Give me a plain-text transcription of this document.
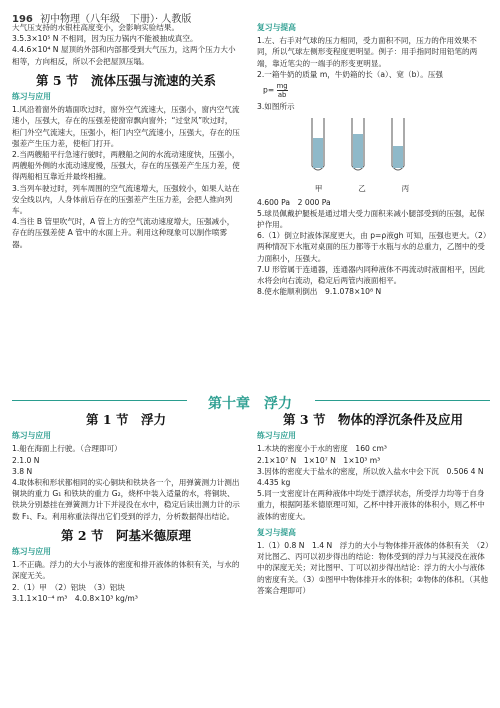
196 初中物理（八年级　下册）· 人教版

大气压支持的水银柱高度变小，会影响实验结果。

3.5.3×10⁵ N 不相同，因为压力锅内不能被抽成真空。

4.4.6×10⁴ N 屋顶的外部和内部都受到大气压力，这两个压力大小相等，方向相反，所以不会把屋顶压塌。

第 5 节　流体压强与流速的关系
练习与应用

1.风沿着窗外的墙面吹过时，窗外空气流速大，压强小，窗内空气流速小，压强大，存在的压强差使窗帘飘向窗外；“过堂风”吹过时，柜门外空气流速大，压强小，柜门内空气流速小，压强大，存在的压强差产生压力差，使柜门打开。

2.当两艘船平行急速行驶时，两艘船之间的水流动速度快，压强小，两艘船外侧的水流动速度慢，压强大，存在的压强差产生压力差，使得两船相互靠近并最终相撞。

3.当列车驶过时，列车周围的空气流速增大，压强较小，如果人站在安全线以内，人身体前后存在的压强差产生压力差，会把人推向列车。

4.当往 B 管里吹气时，A 管上方的空气流动速度增大，压强减小，存在的压强差使 A 管中的水面上升。利用这种现象可以制作喷雾器。

复习与提高

1.左、右手对气球的压力相同，受力面积不同，压力的作用效果不同，所以气球左侧形变程度更明显。例子：用手指同时用铅笔的两端，靠近笔尖的一端手的形变更明显。

2.一箱牛奶的质量 m，牛奶箱的长（a）、宽（b）。压强

$p= \frac{mg}{ab}$

3.如图所示

甲	乙	丙

4.600 Pa　2 000 Pa

5.球员佩戴护腿板是通过增大受力面积来减小腿部受到的压强，起保护作用。

6.（1）倒立时液体深度更大，由 p=ρ液gh 可知，压强也更大。（2）两种情况下水瓶对桌面的压力都等于水瓶与水的总重力，乙图中的受力面积小，压强大。

7.U 形管属于连通器，连通器内同种液体不再流动时液面相平，因此水将会向右流动，稳定后两管内液面相平。

8.使水能顺利倒出　9.1.078×10⁸ N

第十章　浮力
第 1 节　浮力
练习与应用

1.船在海面上行驶。（合理即可）

2.1.0 N

3.8 N

4.取体积和形状都相同的实心铜块和铁块各一个，用弹簧测力计测出铜块的重力 G₁ 和铁块的重力 G₂，烧杯中装入适量的水，将铜块、铁块分别悬挂在弹簧测力计下并浸没在水中，稳定后读出测力计的示数 F₁、F₂。利用称重法得出它们受到的浮力，分析数据得出结论。

第 2 节　阿基米德原理
练习与应用

1.不正确。浮力的大小与液体的密度和排开液体的体积有关，与水的深度无关。

2.（1）甲　（2）铝块　（3）铝块

3.1.1×10⁻⁴ m³　4.0.8×10³ kg/m³

第 3 节　物体的浮沉条件及应用
练习与应用

1.木块的密度小于水的密度　160 cm³

2.1×10⁷ N　1×10⁷ N　1×10³ m³

3.因体的密度大于盐水的密度，所以放入盐水中会下沉　0.506 4 N

4.435 kg

5.同一支密度计在两种液体中均处于漂浮状态，所受浮力均等于自身重力，根据阿基米德原理可知，乙杯中排开液体的体积小，则乙杯中液体的密度大。

复习与提高

1.（1）0.8 N　1.4 N　浮力的大小与物体排开液体的体积有关　（2）对比图乙、丙可以初步得出的结论：物体受到的浮力与其浸没在液体中的深度无关；对比图甲、丁可以初步得出结论：浮力的大小与液体的密度有关。（3）①图甲中物体排开水的体积；②物体的体积。（其他答案合理即可）
